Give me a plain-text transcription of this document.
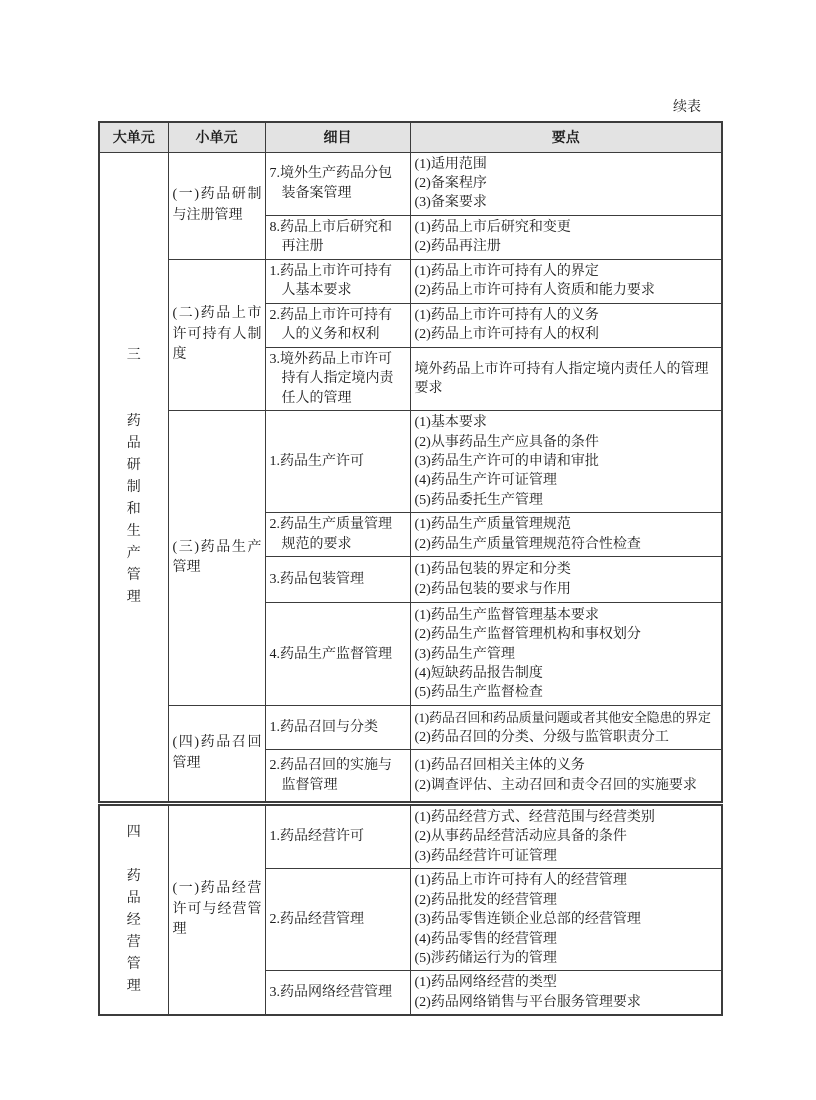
续表
大单元	小单元	细目	要点

三
药品研制和生产管理
	(一)药品研制与注册管理	7.境外生产药品分包装备案管理	
(1)适用范围
(2)备案程序
(3)备案要求

		8.药品上市后研究和再注册	(1)药品上市后研究和变更
(2)药品再注册

	(二)药品上市许可持有人制度	1.药品上市许可持有人基本要求	(1)药品上市许可持有人的界定
(2)药品上市许可持有人资质和能力要求

		2.药品上市许可持有人的义务和权利	(1)药品上市许可持有人的义务
(2)药品上市许可持有人的权利

		3.境外药品上市许可持有人指定境内责任人的管理	境外药品上市许可持有人指定境内责任人的管理要求

	(三)药品生产管理	1.药品生产许可	(1)基本要求
(2)从事药品生产应具备的条件
(3)药品生产许可的申请和审批
(4)药品生产许可证管理
(5)药品委托生产管理

		2.药品生产质量管理规范的要求	(1)药品生产质量管理规范
(2)药品生产质量管理规范符合性检查

		3.药品包装管理	(1)药品包装的界定和分类
(2)药品包装的要求与作用

		4.药品生产监督管理	(1)药品生产监督管理基本要求
(2)药品生产监督管理机构和事权划分
(3)药品生产管理
(4)短缺药品报告制度
(5)药品生产监督检查

	(四)药品召回管理	1.药品召回与分类	(1)药品召回和药品质量问题或者其他安全隐患的界定
(2)药品召回的分类、分级与监管职责分工

		2.药品召回的实施与监督管理	(1)药品召回相关主体的义务
(2)调查评估、主动召回和责令召回的实施要求

四
药品经营管理
	(一)药品经营许可与经营管理	1.药品经营许可	
(1)药品经营方式、经营范围与经营类别
(2)从事药品经营活动应具备的条件
(3)药品经营许可证管理

		2.药品经营管理	(1)药品上市许可持有人的经营管理
(2)药品批发的经营管理
(3)药品零售连锁企业总部的经营管理
(4)药品零售的经营管理
(5)涉药储运行为的管理

		3.药品网络经营管理	(1)药品网络经营的类型
(2)药品网络销售与平台服务管理要求
